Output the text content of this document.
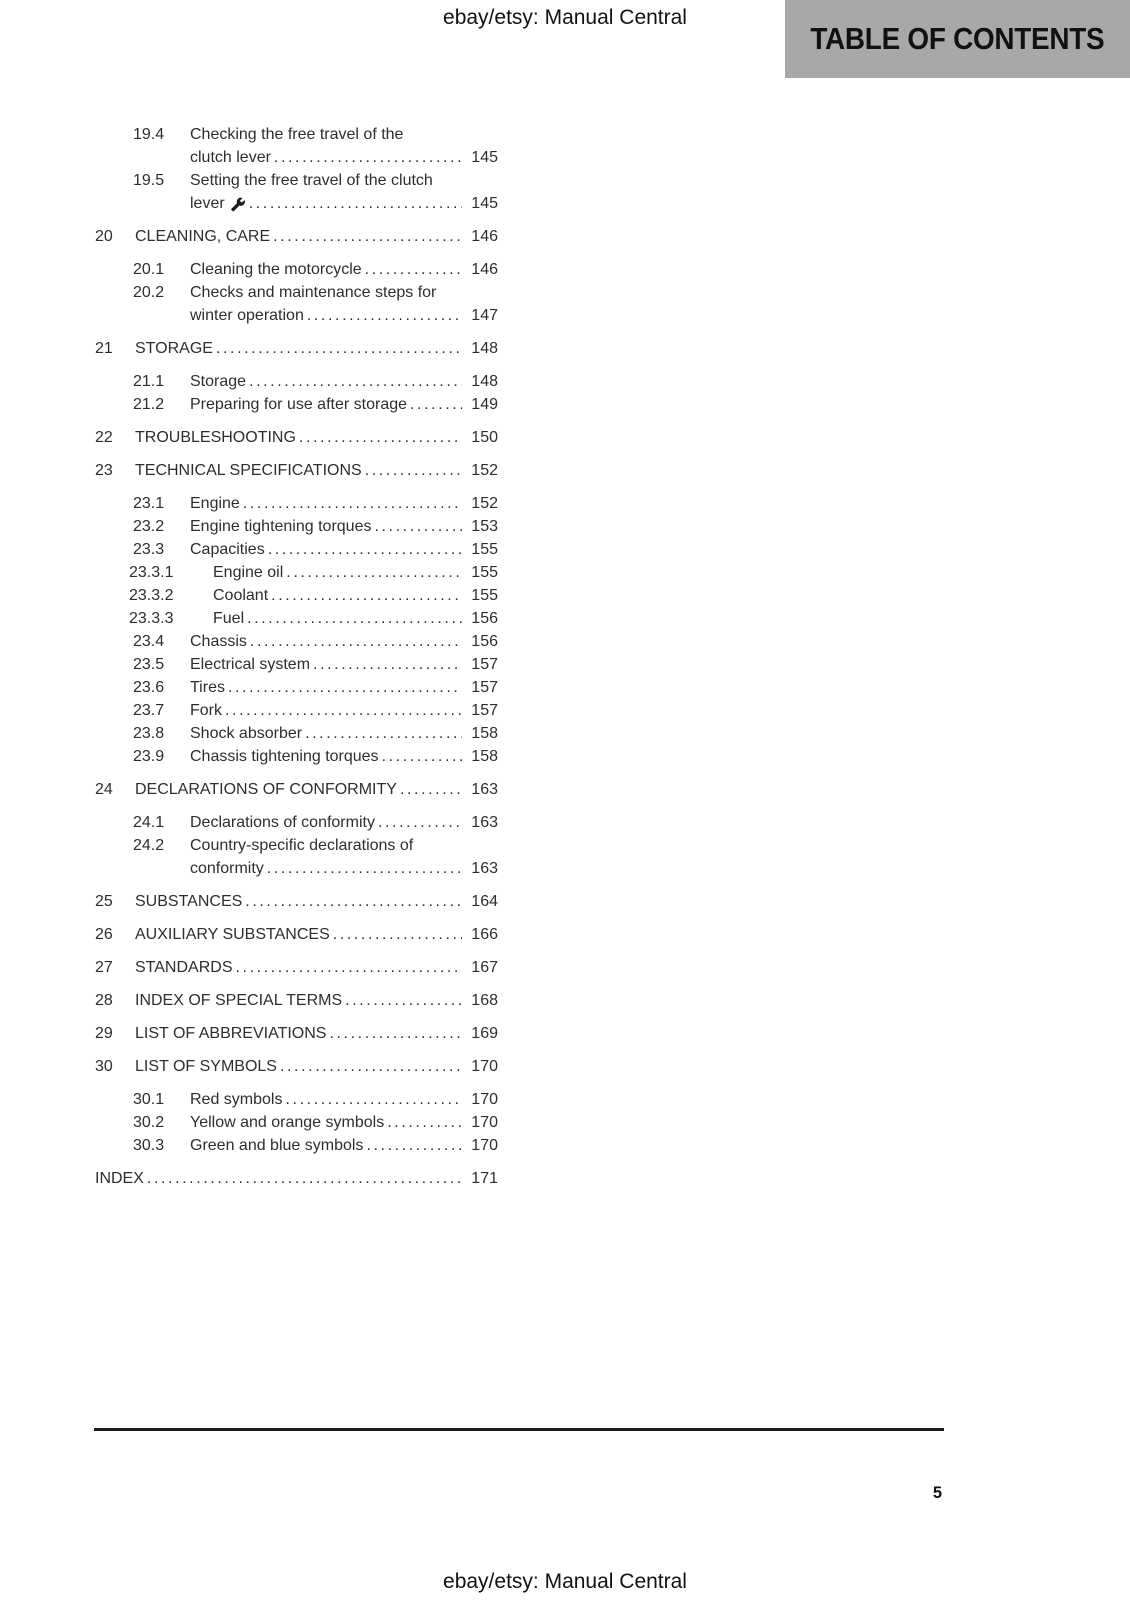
ebay/etsy: Manual Central
TABLE OF CONTENTS
19.4	Checking the free travel of the
clutch lever .....	145
19.5	Setting the free travel of the clutch
lever .....	145
20	CLEANING, CARE .....	146
20.1	Cleaning the motorcycle .....	146
20.2	Checks and maintenance steps for
winter operation .....	147
21	STORAGE .....	148
21.1	Storage .....	148
21.2	Preparing for use after storage .....	149
22	TROUBLESHOOTING .....	150
23	TECHNICAL SPECIFICATIONS .....	152
23.1	Engine .....	152
23.2	Engine tightening torques .....	153
23.3	Capacities .....	155
23.3.1	Engine oil .....	155
23.3.2	Coolant .....	155
23.3.3	Fuel .....	156
23.4	Chassis .....	156
23.5	Electrical system .....	157
23.6	Tires .....	157
23.7	Fork .....	157
23.8	Shock absorber .....	158
23.9	Chassis tightening torques .....	158
24	DECLARATIONS OF CONFORMITY .....	163
24.1	Declarations of conformity .....	163
24.2	Country-specific declarations of
conformity .....	163
25	SUBSTANCES .....	164
26	AUXILIARY SUBSTANCES .....	166
27	STANDARDS .....	167
28	INDEX OF SPECIAL TERMS .....	168
29	LIST OF ABBREVIATIONS .....	169
30	LIST OF SYMBOLS .....	170
30.1	Red symbols .....	170
30.2	Yellow and orange symbols .....	170
30.3	Green and blue symbols .....	170
INDEX .....	171
5
ebay/etsy: Manual Central
